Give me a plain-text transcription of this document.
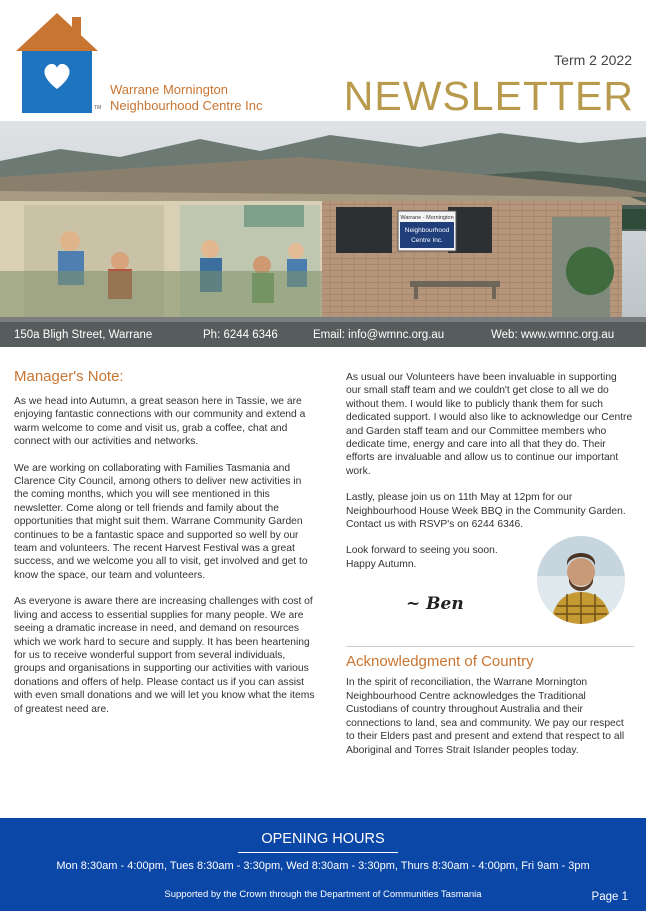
TM
Warrane Mornington
Neighbourhood Centre Inc
Term 2 2022
NEWSLETTER
Warrane - Mornington
Neighbourhood
Centre Inc.
150a Bligh Street, Warrane	Ph: 6244 6346	Email: info@wmnc.org.au	Web: www.wmnc.org.au
Manager's Note:

As we head into Autumn, a great season here in Tassie, we are enjoying fantastic connections with our community and extend a warm welcome to come and visit us, grab a coffee, chat and connect with our activities and networks.

We are working on collaborating with Families Tasmania and Clarence City Council, among others to deliver new activities in the coming months, which you will see mentioned in this newsletter. Come along or tell friends and family about the opportunities that might suit them. Warrane Community Garden continues to be a fantastic space and supported so well by our team and volunteers. The recent Harvest Festival was a great success, and we welcome you all to visit, get involved and get to know the space, our team and volunteers.

As everyone is aware there are increasing challenges with cost of living and access to essential supplies for many people. We are seeing a dramatic increase in need, and demand on resources which we work hard to secure and supply. It has been heartening for us to receive wonderful support from several individuals, groups and organisations in supporting our activities with various donations and offers of help. Please contact us if you can assist with even small donations and we will let you know what the items of greatest need are.

As usual our Volunteers have been invaluable in supporting our small staff team and we couldn't get close to all we do without them. I would like to publicly thank them for such dedicated support. I would also like to acknowledge our Centre and Garden staff team and our Committee members who dedicate time, energy and care into all that they do. Their efforts are invaluable and allow us to continue our important work.

Lastly, please join us on 11th May at 12pm for our Neighbourhood House Week BBQ in the Community Garden. Contact us with RSVP's on 6244 6346.

Look forward to seeing you soon.

Happy Autumn.

~ Ben
Acknowledgment of Country

In the spirit of reconciliation, the Warrane Mornington Neighbourhood Centre acknowledges the Traditional Custodians of country throughout Australia and their connections to land, sea and community. We pay our respect to their Elders past and present and extend that respect to all Aboriginal and Torres Strait Islander peoples today.

OPENING HOURS
Mon 8:30am - 4:00pm, Tues 8:30am - 3:30pm, Wed 8:30am - 3:30pm, Thurs 8:30am - 4:00pm, Fri 9am - 3pm
Supported by the Crown through the Department of Communities Tasmania	Page 1
